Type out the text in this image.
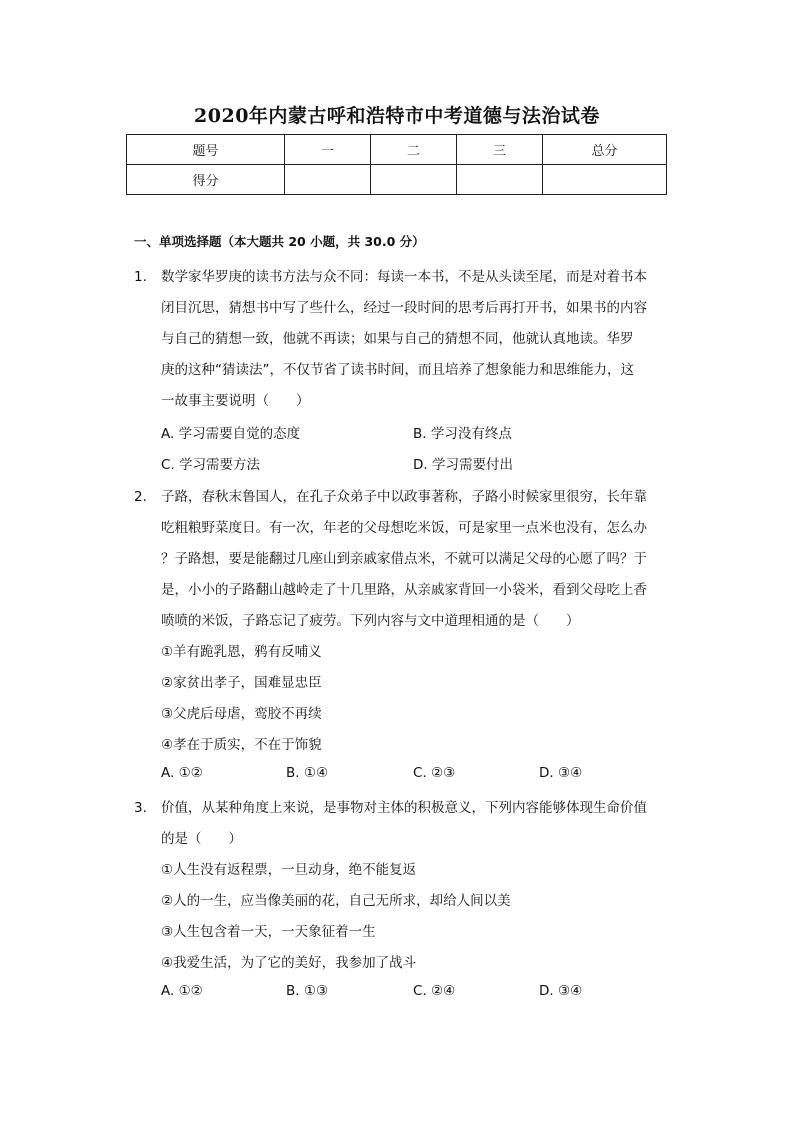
2020年内蒙古呼和浩特市中考道德与法治试卷
题号	一	二	三	总分
得分				
一、单项选择题（本大题共 20 小题，共 30.0 分）
1.	数学家华罗庚的读书方法与众不同：每读一本书，不是从头读至尾，而是对着书本
闭目沉思，猜想书中写了些什么，经过一段时间的思考后再打开书，如果书的内容
与自己的猜想一致，他就不再读；如果与自己的猜想不同，他就认真地读。华罗
庚的这种“猜读法”，不仅节省了读书时间，而且培养了想象能力和思维能力，这
一故事主要说明（　　）
A. 学习需要自觉的态度	B. 学习没有终点
C. 学习需要方法	D. 学习需要付出
2.	子路，春秋末鲁国人，在孔子众弟子中以政事著称，子路小时候家里很穷，长年靠
吃粗粮野菜度日。有一次，年老的父母想吃米饭，可是家里一点米也没有，怎么办
？子路想，要是能翻过几座山到亲戚家借点米，不就可以满足父母的心愿了吗？于
是，小小的子路翻山越岭走了十几里路，从亲戚家背回一小袋米，看到父母吃上香
喷喷的米饭，子路忘记了疲劳。下列内容与文中道理相通的是（　　）
①羊有跪乳恩，鸦有反哺义
②家贫出孝子，国难显忠臣
③父虎后母虐，鸾胶不再续
④孝在于质实，不在于饰貌
A. ①②	B. ①④	C. ②③	D. ③④
3.	价值，从某种角度上来说，是事物对主体的积极意义，下列内容能够体现生命价值
的是（　　）
①人生没有返程票，一旦动身，绝不能复返
②人的一生，应当像美丽的花，自己无所求，却给人间以美
③人生包含着一天，一天象征着一生
④我爱生活，为了它的美好，我参加了战斗
A. ①②	B. ①③	C. ②④	D. ③④
